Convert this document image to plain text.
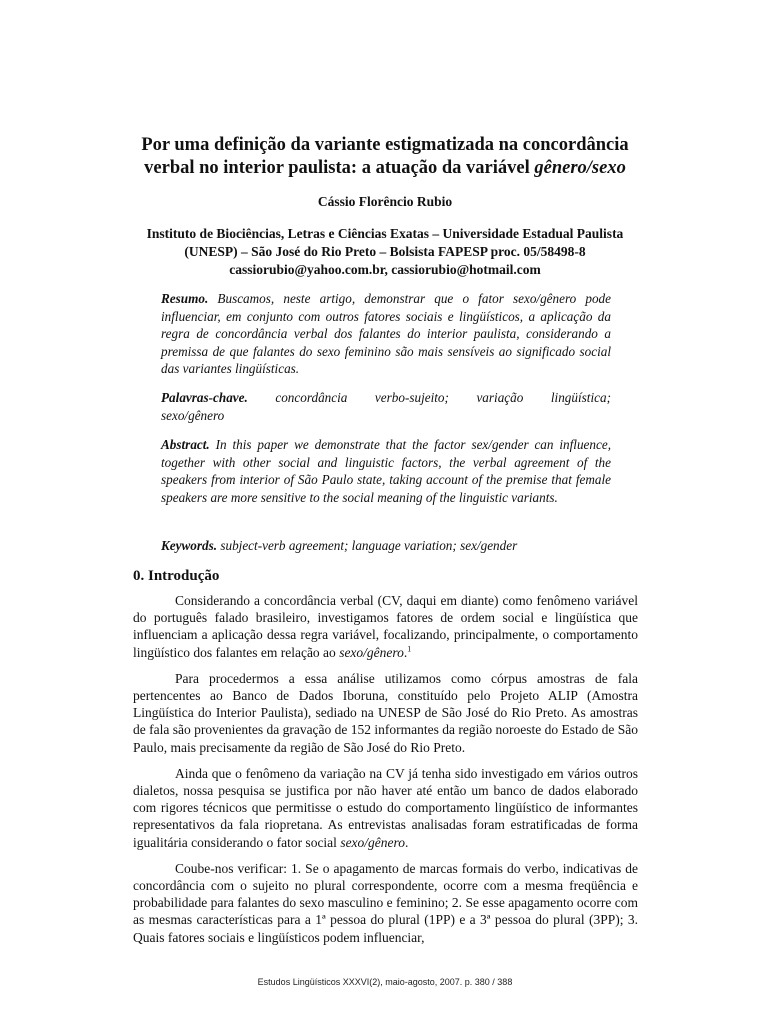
Por uma definição da variante estigmatizada na concordância
verbal no interior paulista: a atuação da variável gênero/sexo
Cássio Florêncio Rubio
Instituto de Biociências, Letras e Ciências Exatas – Universidade Estadual Paulista
(UNESP) – São José do Rio Preto – Bolsista FAPESP proc. 05/58498-8
cassiorubio@yahoo.com.br, cassiorubio@hotmail.com
Resumo. Buscamos, neste artigo, demonstrar que o fator sexo/gênero pode influenciar, em conjunto com outros fatores sociais e lingüísticos, a aplicação da regra de concordância verbal dos falantes do interior paulista, considerando a premissa de que falantes do sexo feminino são mais sensíveis ao significado social das variantes lingüísticas.
Palavras-chave. concordância verbo-sujeito; variação lingüística;
sexo/gênero
Abstract. In this paper we demonstrate that the factor sex/gender can influence, together with other social and linguistic factors, the verbal agreement of the speakers from interior of São Paulo state, taking account of the premise that female speakers are more sensitive to the social meaning of the linguistic variants.
Keywords. subject-verb agreement; language variation; sex/gender
0. Introdução

Considerando a concordância verbal (CV, daqui em diante) como fenômeno variável do português falado brasileiro, investigamos fatores de ordem social e lingüística que influenciam a aplicação dessa regra variável, focalizando, principalmente, o comportamento lingüístico dos falantes em relação ao sexo/gênero.$^1$

Para procedermos a essa análise utilizamos como córpus amostras de fala pertencentes ao Banco de Dados Iboruna, constituído pelo Projeto ALIP (Amostra Lingüística do Interior Paulista), sediado na UNESP de São José do Rio Preto. As amostras de fala são provenientes da gravação de 152 informantes da região noroeste do Estado de São Paulo, mais precisamente da região de São José do Rio Preto.

Ainda que o fenômeno da variação na CV já tenha sido investigado em vários outros dialetos, nossa pesquisa se justifica por não haver até então um banco de dados elaborado com rigores técnicos que permitisse o estudo do comportamento lingüístico de informantes representativos da fala riopretana. As entrevistas analisadas foram estratificadas de forma igualitária considerando o fator social sexo/gênero.

Coube-nos verificar: 1. Se o apagamento de marcas formais do verbo, indicativas de concordância com o sujeito no plural correspondente, ocorre com a mesma freqüência e probabilidade para falantes do sexo masculino e feminino; 2. Se esse apagamento ocorre com as mesmas características para a 1ª pessoa do plural (1PP) e a 3ª pessoa do plural (3PP); 3. Quais fatores sociais e lingüísticos podem influenciar,

Estudos Lingüísticos XXXVI(2), maio-agosto, 2007. p. 380 / 388
